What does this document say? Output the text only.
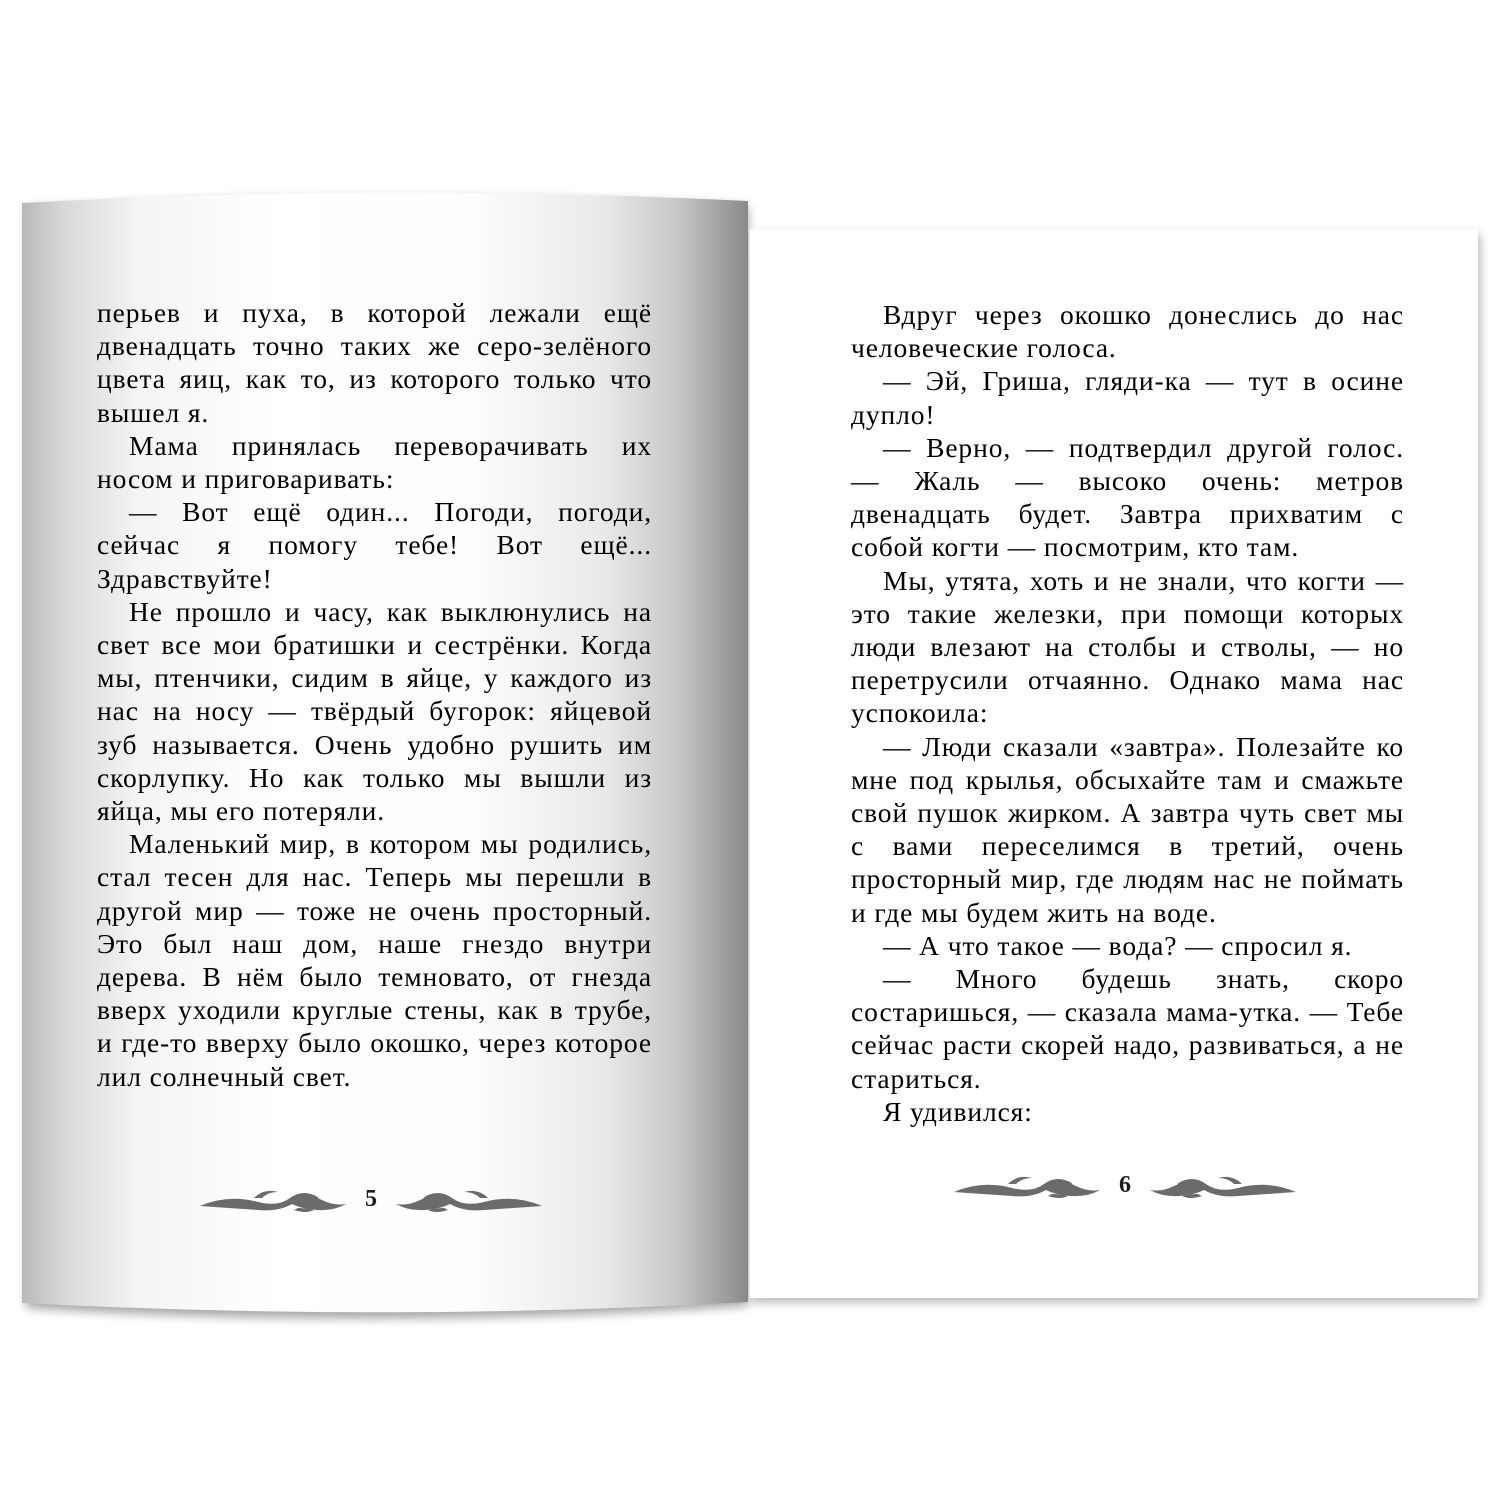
перьев и пуха, в которой лежали ещё двенадцать точно таких же серо-зелёного цвета яиц, как то, из которого только что вышел я.

Мама принялась переворачивать их носом и приговаривать:

— Вот ещё один... Погоди, погоди, сейчас я помогу тебе! Вот ещё... Здравствуйте!

Не прошло и часу, как выклюнулись на свет все мои братишки и сестрёнки. Когда мы, птенчики, сидим в яйце, у каждого из нас на носу — твёрдый бугорок: яйцевой зуб называется. Очень удобно рушить им скорлупку. Но как только мы вышли из яйца, мы его потеряли.

Маленький мир, в котором мы родились, стал тесен для нас. Теперь мы перешли в другой мир — тоже не очень просторный. Это был наш дом, наше гнездо внутри дерева. В нём было темновато, от гнезда вверх уходили круглые стены, как в трубе, и где-то вверху было окошко, через которое лил солнечный свет.

5

Вдруг через окошко донеслись до нас человеческие голоса.

— Эй, Гриша, гляди-ка — тут в осине дупло!

— Верно, — подтвердил другой голос. — Жаль — высоко очень: метров двенадцать будет. Завтра прихватим с собой когти — посмотрим, кто там.

Мы, утята, хоть и не знали, что когти — это такие железки, при помощи которых люди влезают на столбы и стволы, — но перетрусили отчаянно. Однако мама нас успокоила:

— Люди сказали «завтра». Полезайте ко мне под крылья, обсыхайте там и смажьте свой пушок жирком. А завтра чуть свет мы с вами переселимся в третий, очень просторный мир, где людям нас не поймать и где мы будем жить на воде.

— А что такое — вода? — спросил я.

— Много будешь знать, скоро состаришься, — сказала мама-утка. — Тебе сейчас расти скорей надо, развиваться, а не стариться.

Я удивился:

6
